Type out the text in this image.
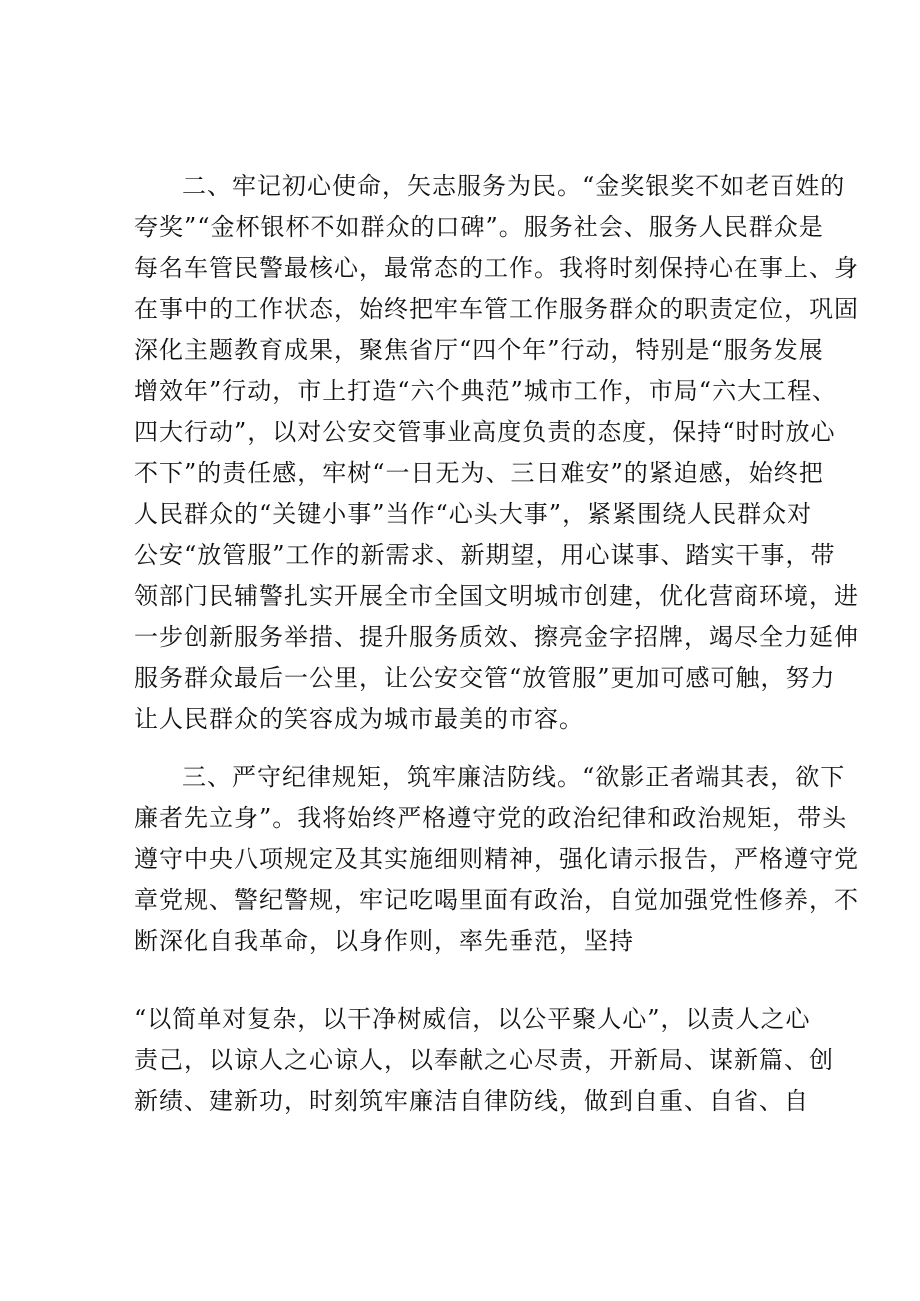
二、牢记初心使命，矢志服务为民。“金奖银奖不如老百姓的
夸奖”“金杯银杯不如群众的口碑”。服务社会、服务人民群众是
每名车管民警最核心，最常态的工作。我将时刻保持心在事上、身
在事中的工作状态，始终把牢车管工作服务群众的职责定位，巩固
深化主题教育成果，聚焦省厅“四个年”行动，特别是“服务发展
增效年”行动，市上打造“六个典范”城市工作，市局“六大工程、
四大行动”，以对公安交管事业高度负责的态度，保持“时时放心
不下”的责任感，牢树“一日无为、三日难安”的紧迫感，始终把
人民群众的“关键小事”当作“心头大事”，紧紧围绕人民群众对
公安“放管服”工作的新需求、新期望，用心谋事、踏实干事，带
领部门民辅警扎实开展全市全国文明城市创建，优化营商环境，进
一步创新服务举措、提升服务质效、擦亮金字招牌，竭尽全力延伸
服务群众最后一公里，让公安交管“放管服”更加可感可触，努力
让人民群众的笑容成为城市最美的市容。
三、严守纪律规矩，筑牢廉洁防线。“欲影正者端其表，欲下
廉者先立身”。我将始终严格遵守党的政治纪律和政治规矩，带头
遵守中央八项规定及其实施细则精神，强化请示报告，严格遵守党
章党规、警纪警规，牢记吃喝里面有政治，自觉加强党性修养，不
断深化自我革命，以身作则，率先垂范，坚持
“以简单对复杂，以干净树威信，以公平聚人心”，以责人之心
责己，以谅人之心谅人，以奉献之心尽责，开新局、谋新篇、创
新绩、建新功，时刻筑牢廉洁自律防线，做到自重、自省、自
